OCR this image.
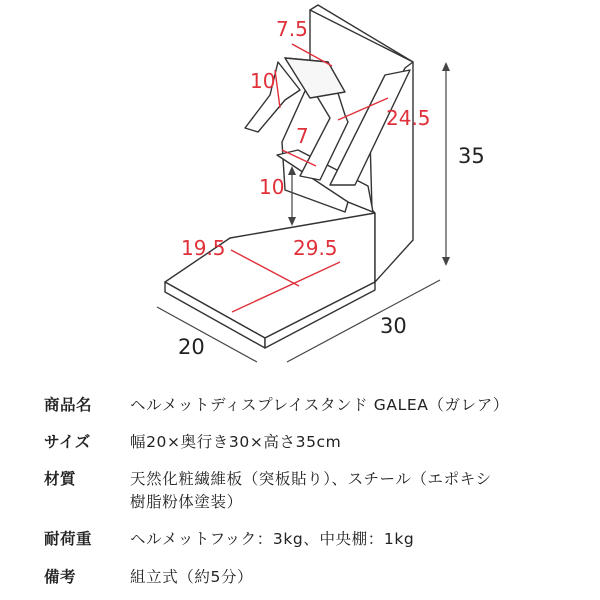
7.5
10
24.5
7
10
19.5	29.5
35
20
30
商品名	ヘルメットディスプレイスタンド GALEA（ガレア）
サイズ	幅20×奥行き30×高さ35cm
材質	天然化粧繊維板（突板貼り）、スチール（エポキシ
樹脂粉体塗装）
耐荷重	ヘルメットフック：3kg、中央棚：1kg
備考	組立式（約5分）
